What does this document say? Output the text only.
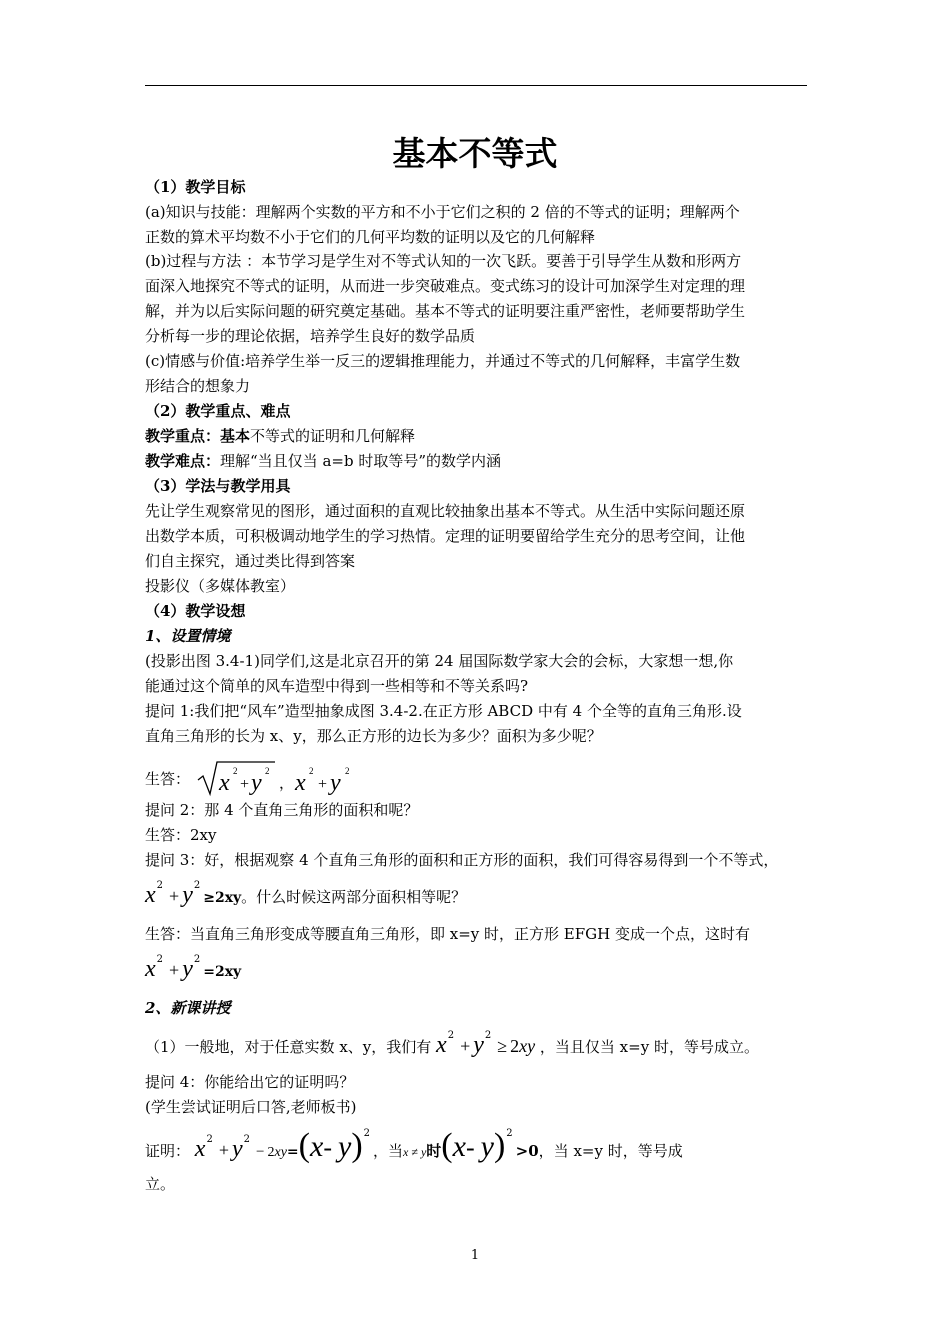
基本不等式
（1）教学目标
(a)知识与技能：理解两个实数的平方和不小于它们之积的 2 倍的不等式的证明；理解两个
正数的算术平均数不小于它们的几何平均数的证明以及它的几何解释
(b)过程与方法 ：本节学习是学生对不等式认知的一次飞跃。要善于引导学生从数和形两方
面深入地探究不等式的证明，从而进一步突破难点。变式练习的设计可加深学生对定理的理
解，并为以后实际问题的研究奠定基础。基本不等式的证明要注重严密性，老师要帮助学生
分析每一步的理论依据，培养学生良好的数学品质
(c)情感与价值:培养学生举一反三的逻辑推理能力，并通过不等式的几何解释，丰富学生数
形结合的想象力
（2）教学重点、难点
教学重点：基本不等式的证明和几何解释
教学难点：理解“当且仅当 a=b 时取等号”的数学内涵
（3）学法与教学用具
先让学生观察常见的图形，通过面积的直观比较抽象出基本不等式。从生活中实际问题还原
出数学本质，可积极调动地学生的学习热情。定理的证明要留给学生充分的思考空间，让他
们自主探究，通过类比得到答案
投影仪（多媒体教室）
（4）教学设想
1、设置情境
(投影出图 3.4-1)同学们,这是北京召开的第 24 届国际数学家大会的会标，大家想一想,你
能通过这个简单的风车造型中得到一些相等和不等关系吗?
提问 1:我们把“风车”造型抽象成图 3.4-2.在正方形 ABCD 中有 4 个全等的直角三角形.设
直角三角形的长为 x、y，那么正方形的边长为多少？面积为多少呢？
生答： x 2
+ y 2
， x 2
+ y 2
提问 2：那 4 个直角三角形的面积和呢？
生答：2xy
提问 3：好，根据观察 4 个直角三角形的面积和正方形的面积，我们可得容易得到一个不等式，
$x^2+ y^2\ge 2xy$。什么时候这两部分面积相等呢？
生答：当直角三角形变成等腰直角三角形，即 x=y 时，正方形 EFGH 变成一个点，这时有
$x^2+ y^2=2xy$
2、新课讲授
（1）一般地，对于任意实数 x、y，我们有 $x^2+ y^2\ge 2xy$ ，当且仅当 x=y 时，等号成立。
提问 4：你能给出它的证明吗？
(学生尝试证明后口答,老师板书)
证明： $x^2+ y^2- 2xy=(x-$ y)$^2$，当x ≠ y时(x- y)$^2$>0，当 x=y 时，等号成
立。
1
